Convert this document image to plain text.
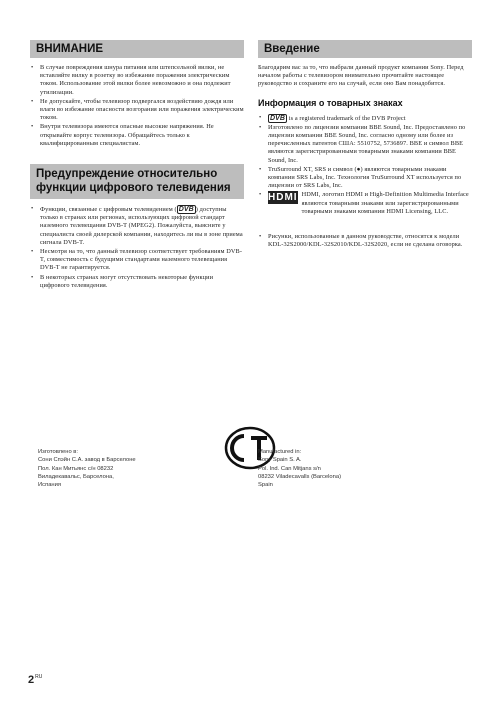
ВНИМАНИЕ
• В случае повреждения шнура питания или штепсельной вилки, не вставляйте вилку в розетку во избежание поражения электрическим током. Использование этой вилки более невозможно и она подлежит утилизации.
• Не допускайте, чтобы телевизор подвергался воздействию дождя или влаги во избежание опасности возгорания или поражения электрическим током.
• Внутри телевизора имеются опасные высокие напряжения. Не открывайте корпус телевизора. Обращайтесь только к квалифицированным специалистам.
Предупреждение относительно функции цифрового телевидения
• Функции, связанные с цифровым телевидением ( DVB ) доступны только в странах или регионах, использующих цифровой стандарт наземного телевещания DVB-T (MPEG2). Пожалуйста, выясните у специалиста своей дилерской компании, находитесь ли вы в зоне приема сигнала DVB-T.
• Несмотря на то, что данный телевизор соответствует требованиям DVB-T, совместимость с будущими стандартами наземного телевещания DVB-T не гарантируется.
• В некоторых странах могут отсутствовать некоторые функции цифрового телевидения.
Введение

Благодарим вас за то, что выбрали данный продукт компании Sony. Перед началом работы с телевизором внимательно прочитайте настоящее руководство и сохраните его на случай, если оно Вам понадобится.

Информация о товарных знаках
• DVB is a registered trademark of the DVB Project
• Изготовлено по лицензии компании BBE Sound, Inc. Предоставлено по лицензии компании BBE Sound, Inc. согласно одному или более из перечисленных патентов США: 5510752, 5736897. BBE и символ BBE являются зарегистрированными товарными знаками компании BBE Sound, Inc.
• TruSurround XT, SRS и символ (●) являются товарными знаками компании SRS Labs, Inc. Технология TruSurround XT используется по лицензии от SRS Labs, Inc.
• HDMI HDMI, логотип HDMI и High-Definition Multimedia Interface являются товарными знаками или зарегистрированными товарными знаками компании HDMI Licensing, LLC.
• Рисунки, использованные в данном руководстве, относятся к модели KDL-32S2000/KDL-32S2010/KDL-32S2020, если не сделана оговорка.
Изготовлено в:
Сони Спэйн С.А. завод в Барселоне
Пол. Кан Митьянс с/н 08232
Виладекавальс, Барселона,
Испания
Manufactured in:
Sony Spain S. A.
Pol. Ind. Can Mitjans s/n
08232 Viladecavalls (Barcelona)
Spain
$2^{RU}$
